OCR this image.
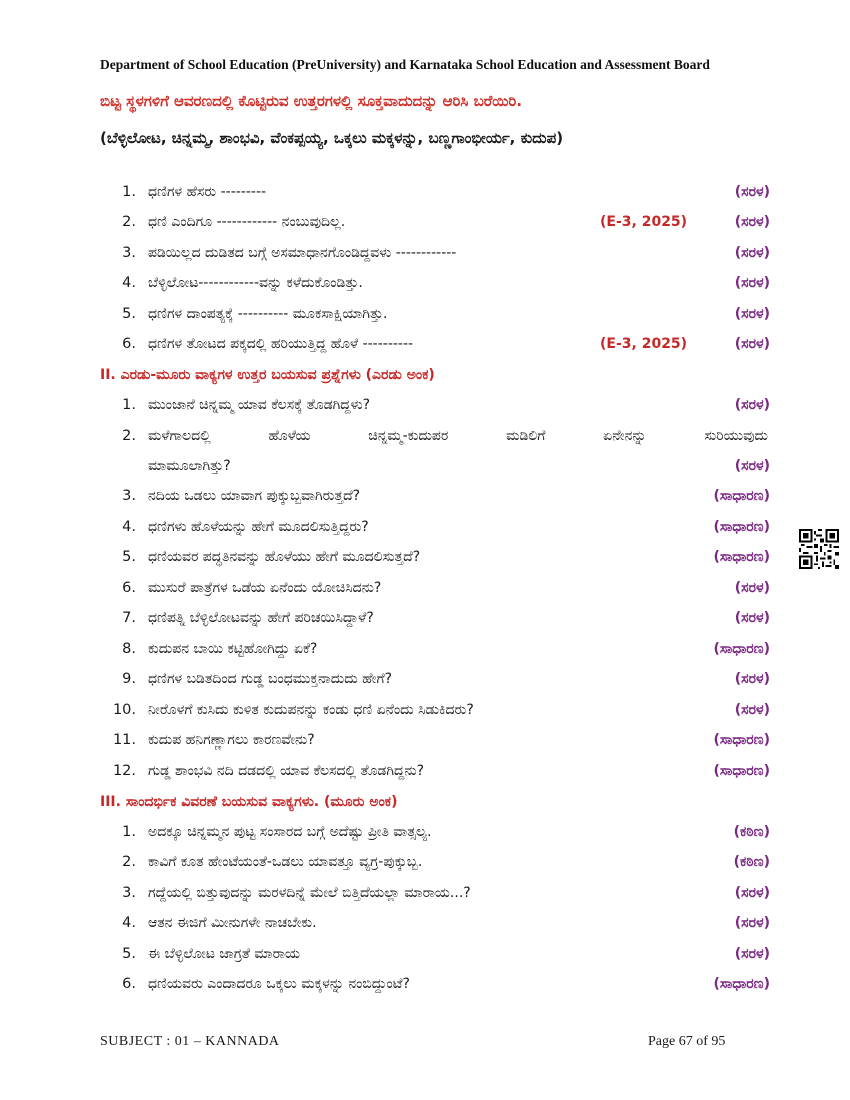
Department of School Education (PreUniversity) and Karnataka School Education and Assessment Board
ಬಿಟ್ಟ ಸ್ಥಳಗಳಿಗೆ ಆವರಣದಲ್ಲಿ ಕೊಟ್ಟಿರುವ ಉತ್ತರಗಳಲ್ಲಿ ಸೂಕ್ತವಾದುದನ್ನು ಆರಿಸಿ ಬರೆಯಿರಿ.
(ಬೆಳ್ಳಿಲೋಟ, ಚಿನ್ನಮ್ಮ, ಶಾಂಭವಿ, ವೆಂಕಪ್ಪಯ್ಯ, ಒಕ್ಕಲು ಮಕ್ಕಳನ್ನು, ಬಣ್ಣಗಾಂಭೀರ್ಯ, ಕುದುಪ)
1. ಧಣಿಗಳ ಹೆಸರು ---------	(ಸರಳ)
2. ಧಣಿ ಎಂದಿಗೂ ------------ ನಂಬುವುದಿಲ್ಲ.	(E-3, 2025)	(ಸರಳ)
3. ಪಡಿಯಿಲ್ಲದ ದುಡಿತದ ಬಗ್ಗೆ ಅಸಮಾಧಾನಗೊಂಡಿದ್ದವಳು ------------	(ಸರಳ)
4. ಬೆಳ್ಳಿಲೋಟ------------ವನ್ನು ಕಳೆದುಕೊಂಡಿತ್ತು.	(ಸರಳ)
5. ಧಣಿಗಳ ದಾಂಪತ್ಯಕ್ಕೆ ---------- ಮೂಕಸಾಕ್ಷಿಯಾಗಿತ್ತು.	(ಸರಳ)
6. ಧಣಿಗಳ ತೋಟದ ಪಕ್ಕದಲ್ಲಿ ಹರಿಯುತ್ತಿದ್ದ ಹೊಳೆ ----------	(E-3, 2025)	(ಸರಳ)
II. ಎರಡು-ಮೂರು ವಾಕ್ಯಗಳ ಉತ್ತರ ಬಯಸುವ ಪ್ರಶ್ನೆಗಳು (ಎರಡು ಅಂಕ)
1. ಮುಂಜಾನೆ ಚಿನ್ನಮ್ಮ ಯಾವ ಕೆಲಸಕ್ಕೆ ತೊಡಗಿದ್ದಳು?	(ಸರಳ)
2. ಮಳೆಗಾಲದಲ್ಲಿ ಹೊಳೆಯ ಚಿನ್ನಮ್ಮ-ಕುದುಪರ ಮಡಿಲಿಗೆ ಏನೇನನ್ನು ಸುರಿಯುವುದು
ಮಾಮೂಲಾಗಿತ್ತು?	(ಸರಳ)
3. ನದಿಯ ಒಡಲು ಯಾವಾಗ ಪುಕ್ಕುಬ್ಬವಾಗಿರುತ್ತದೆ?	(ಸಾಧಾರಣ)
4. ಧಣಿಗಳು ಹೊಳೆಯನ್ನು ಹೇಗೆ ಮೂದಲಿಸುತ್ತಿದ್ದರು?	(ಸಾಧಾರಣ)
5. ಧಣಿಯವರ ಪದ್ಧತಿನವನ್ನು ಹೊಳೆಯು ಹೇಗೆ ಮೂದಲಿಸುತ್ತದೆ?	(ಸಾಧಾರಣ)
6. ಮುಸುರೆ ಪಾತ್ರೆಗಳ ಒಡೆಯ ಏನೆಂದು ಯೋಚಿಸಿದನು?	(ಸರಳ)
7. ಧಣಿಪತ್ನಿ ಬೆಳ್ಳಿಲೋಟವನ್ನು ಹೇಗೆ ಪರಿಚಯಿಸಿದ್ದಾಳೆ?	(ಸರಳ)
8. ಕುದುಪನ ಬಾಯಿ ಕಟ್ಟಿಹೋಗಿದ್ದು ಏಕೆ?	(ಸಾಧಾರಣ)
9. ಧಣಿಗಳ ಬಡಿತದಿಂದ ಗುಡ್ಡ ಬಂಧಮುಕ್ತನಾದುದು ಹೇಗೆ?	(ಸರಳ)
10. ನೀರೊಳಗೆ ಕುಸಿದು ಕುಳಿತ ಕುದುಪನನ್ನು ಕಂಡು ಧಣಿ ಏನೆಂದು ಸಿಡುಕಿದರು?	(ಸರಳ)
11. ಕುದುಪ ಹನಿಗಣ್ಣಾಗಲು ಕಾರಣವೇನು?	(ಸಾಧಾರಣ)
12. ಗುಡ್ಡ ಶಾಂಭವಿ ನದಿ ದಡದಲ್ಲಿ ಯಾವ ಕೆಲಸದಲ್ಲಿ ತೊಡಗಿದ್ದನು?	(ಸಾಧಾರಣ)
III. ಸಾಂದರ್ಭಿಕ ವಿವರಣೆ ಬಯಸುವ ವಾಕ್ಯಗಳು. (ಮೂರು ಅಂಕ)
1. ಅದಕ್ಕೂ ಚಿನ್ನಮ್ಮನ ಪುಟ್ಟ ಸಂಸಾರದ ಬಗ್ಗೆ ಅದೆಷ್ಟು ಪ್ರೀತಿ ವಾತ್ಸಲ್ಯ.	(ಕಠಿಣ)
2. ಕಾವಿಗೆ ಕೂತ ಹೇಂಟೆಯಂತೆ-ಒಡಲು ಯಾವತ್ತೂ ವ್ಯಗ್ರ-ಪುಕ್ಕುಬ್ಬ.	(ಕಠಿಣ)
3. ಗದ್ದೆಯಲ್ಲಿ ಬಿತ್ತುವುದನ್ನು ಮರಳದಿನ್ನೆ ಮೇಲೆ ಬಿತ್ತಿದೆಯಲ್ಲಾ ಮಾರಾಯ...?	(ಸರಳ)
4. ಆತನ ಈಜಿಗೆ ಮೀನುಗಳೇ ನಾಚಬೇಕು.	(ಸರಳ)
5. ಈ ಬೆಳ್ಳಿಲೋಟ ಜಾಗ್ರತೆ ಮಾರಾಯ	(ಸರಳ)
6. ಧಣಿಯವರು ಎಂದಾದರೂ ಒಕ್ಕಲು ಮಕ್ಕಳನ್ನು ನಂಬಿದ್ದುಂಟೆ?	(ಸಾಧಾರಣ)
SUBJECT : 01 – KANNADA	Page 67 of 95
